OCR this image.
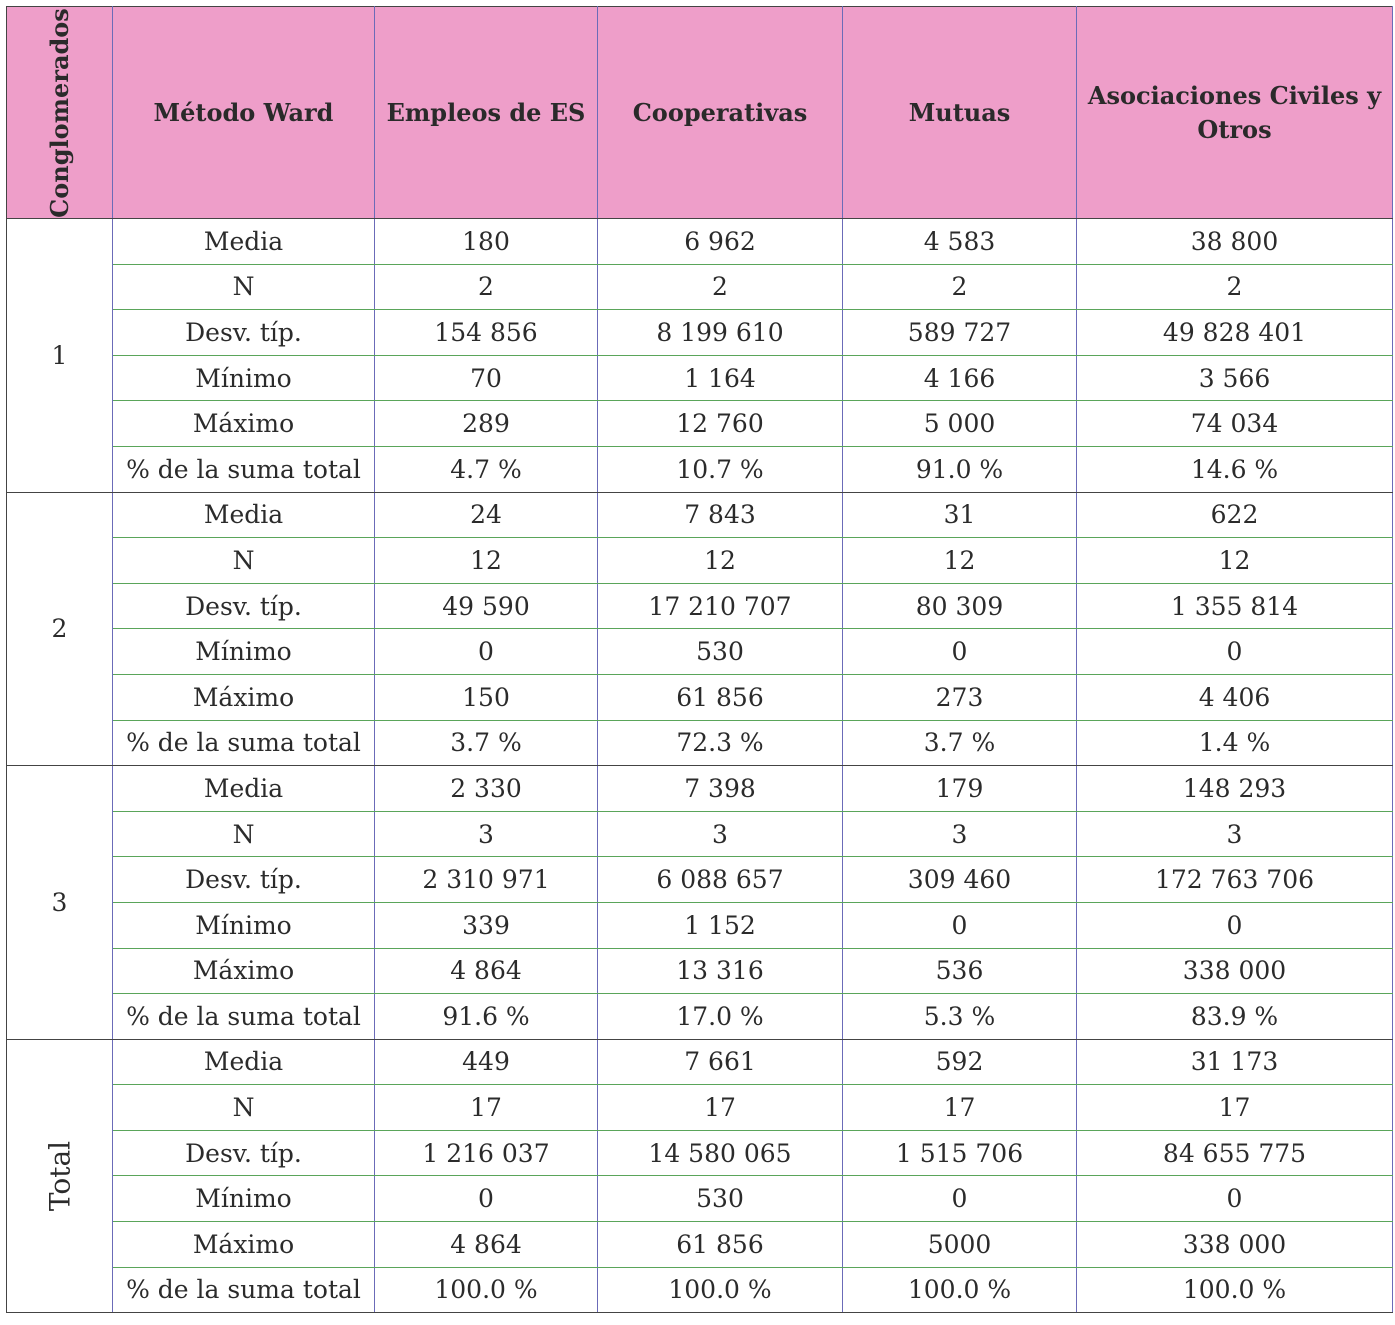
Conglomerados	Método Ward	Empleos de ES	Cooperativas	Mutuas	Asociaciones Civiles y Otros
1	Media	180	6 962	4 583	38 800
	N	2	2	2	2
	Desv. típ.	154 856	8 199 610	589 727	49 828 401
	Mínimo	70	1 164	4 166	3 566
	Máximo	289	12 760	5 000	74 034
	% de la suma total	4.7 %	10.7 %	91.0 %	14.6 %
2	Media	24	7 843	31	622
	N	12	12	12	12
	Desv. típ.	49 590	17 210 707	80 309	1 355 814
	Mínimo	0	530	0	0
	Máximo	150	61 856	273	4 406
	% de la suma total	3.7 %	72.3 %	3.7 %	1.4 %
3	Media	2 330	7 398	179	148 293
	N	3	3	3	3
	Desv. típ.	2 310 971	6 088 657	309 460	172 763 706
	Mínimo	339	1 152	0	0
	Máximo	4 864	13 316	536	338 000
	% de la suma total	91.6 %	17.0 %	5.3 %	83.9 %

Total	Media	449	7 661	592	31 173
	N	17	17	17	17
	Desv. típ.	1 216 037	14 580 065	1 515 706	84 655 775
	Mínimo	0	530	0	0
	Máximo	4 864	61 856	5000	338 000
	% de la suma total	100.0 %	100.0 %	100.0 %	100.0 %
